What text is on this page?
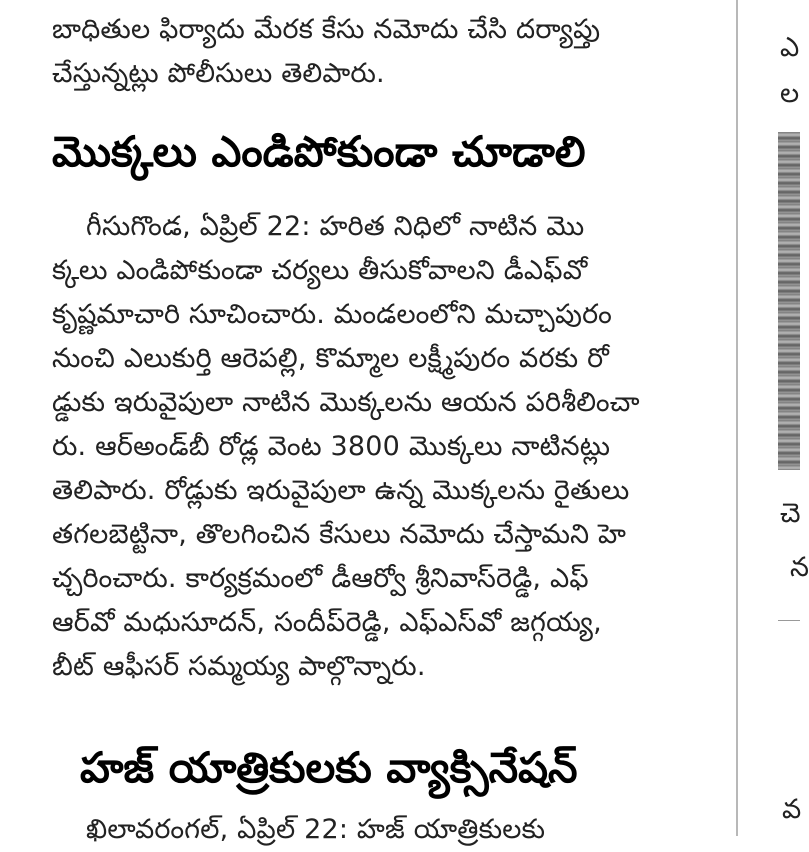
బాధితుల ఫిర్యాదు మేరక కేసు నమోదు చేసి దర్యాప్తు
చేస్తున్నట్లు పోలీసులు తెలిపారు.
మొక్కలు ఎండిపోకుండా చూడాలి
గీసుగొండ, ఏప్రిల్ 22: హరిత నిధిలో నాటిన మొ
క్కలు ఎండిపోకుండా చర్యలు తీసుకోవాలని డీఎఫ్‌వో
కృష్ణమాచారి సూచించారు. మండలంలోని మచ్చాపురం
నుంచి ఎలుకుర్తి ఆరెపల్లి, కొమ్మాల లక్ష్మీపురం వరకు రో
డ్డుకు ఇరువైపులా నాటిన మొక్కలను ఆయన పరిశీలించా
రు. ఆర్‌అండ్‌బీ రోడ్ల వెంట 3800 మొక్కలు నాటినట్లు
తెలిపారు. రోడ్లుకు ఇరువైపులా ఉన్న మొక్కలను రైతులు
తగలబెట్టినా, తొలగించిన కేసులు నమోదు చేస్తామని హె
చ్చరించారు. కార్యక్రమంలో డీఆర్వో శ్రీనివాస్‌రెడ్డి, ఎఫ్
ఆర్‌వో మధుసూదన్, సందీప్‌రెడ్డి, ఎఫ్ఎస్‌వో జగ్గయ్య,
బీట్ ఆఫీసర్ సమ్మయ్య పాల్గొన్నారు.
హజ్ యాత్రికులకు వ్యాక్సినేషన్
ఖిలావరంగల్, ఏప్రిల్ 22: హజ్ యాత్రికులకు
ఎ
ల
చె
న
వ
